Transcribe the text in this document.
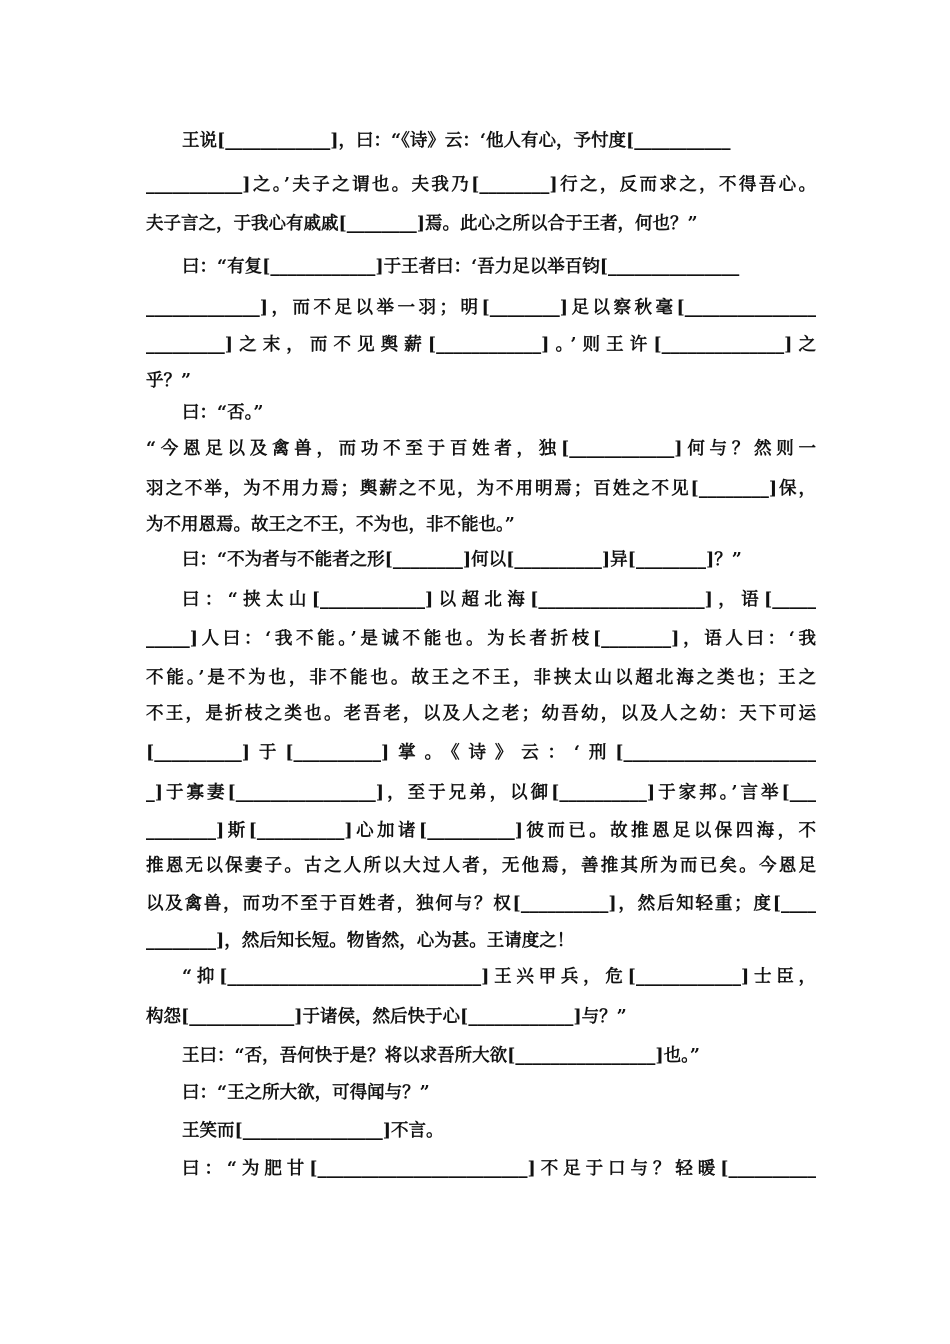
王说[____________]，曰：“《诗》云：‘他人有心，予忖度[___________
___________]之。’夫子之谓也。夫我乃[________]行之，反而求之，不得吾心。
夫子言之，于我心有戚戚[________]焉。此心之所以合于王者，何也？”
曰：“有复[____________]于王者曰：‘吾力足以举百钧[_______________
_____________]，而不足以举一羽；明[________]足以察秋毫[_______________
_________]之末，而不见舆薪[____________]。’则王许[______________]之
乎？”
曰：“否。”
“今恩足以及禽兽，而功不至于百姓者，独[____________]何与？然则一
羽之不举，为不用力焉；舆薪之不见，为不用明焉；百姓之不见[________]保，
为不用恩焉。故王之不王，不为也，非不能也。”
曰：“不为者与不能者之形[________]何以[__________]异[________]？”
曰：“挟太山[____________]以超北海[___________________]，语[_____
_____]人曰：‘我不能。’是诚不能也。为长者折枝[________]，语人曰：‘我
不能。’是不为也，非不能也。故王之不王，非挟太山以超北海之类也；王之
不王，是折枝之类也。老吾老，以及人之老；幼吾幼，以及人之幼：天下可运
[__________]于[__________]掌。《诗》云：‘刑[______________________
_]于寡妻[________________]，至于兄弟，以御[__________]于家邦。’言举[___
________]斯[__________]心加诸[__________]彼而已。故推恩足以保四海，不
推恩无以保妻子。古之人所以大过人者，无他焉，善推其所为而已矣。今恩足
以及禽兽，而功不至于百姓者，独何与？权[__________]，然后知轻重；度[____
________]，然后知长短。物皆然，心为甚。王请度之！
“抑[_____________________________]王兴甲兵，危[____________]士臣，
构怨[____________]于诸侯，然后快于心[____________]与？”
王曰：“否，吾何快于是？将以求吾所大欲[________________]也。”
曰：“王之所大欲，可得闻与？”
王笑而[________________]不言。
曰：“为肥甘[________________________]不足于口与？轻暖[__________
